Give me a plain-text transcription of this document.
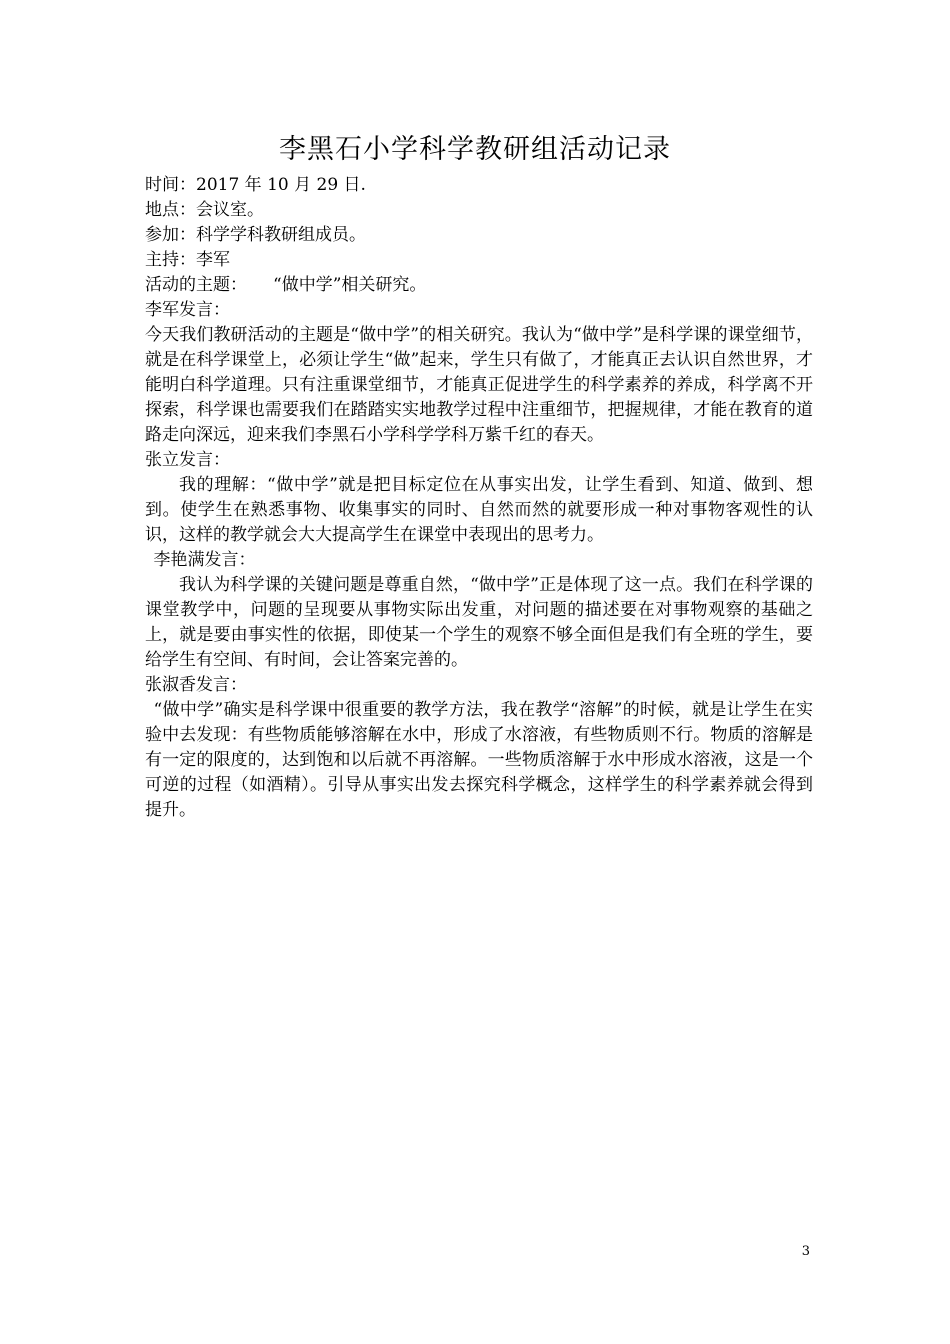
李黑石小学科学教研组活动记录

时间：2017 年 10 月 29 日.

地点：会议室。

参加：科学学科教研组成员。

主持：李军

活动的主题： “做中学”相关研究。

李军发言：

今天我们教研活动的主题是“做中学”的相关研究。我认为“做中学”是科学课的课堂细节，就是在科学课堂上，必须让学生“做”起来，学生只有做了，才能真正去认识自然世界，才能明白科学道理。只有注重课堂细节，才能真正促进学生的科学素养的养成，科学离不开探索，科学课也需要我们在踏踏实实地教学过程中注重细节，把握规律，才能在教育的道路走向深远，迎来我们李黑石小学科学学科万紫千红的春天。

张立发言：

我的理解：“做中学”就是把目标定位在从事实出发，让学生看到、知道、做到、想到。使学生在熟悉事物、收集事实的同时、自然而然的就要形成一种对事物客观性的认识，这样的教学就会大大提高学生在课堂中表现出的思考力。

李艳满发言：

我认为科学课的关键问题是尊重自然，“做中学”正是体现了这一点。我们在科学课的课堂教学中，问题的呈现要从事物实际出发重，对问题的描述要在对事物观察的基础之上，就是要由事实性的依据，即使某一个学生的观察不够全面但是我们有全班的学生，要给学生有空间、有时间，会让答案完善的。

张淑香发言：

“做中学”确实是科学课中很重要的教学方法，我在教学“溶解”的时候，就是让学生在实验中去发现：有些物质能够溶解在水中，形成了水溶液，有些物质则不行。物质的溶解是有一定的限度的，达到饱和以后就不再溶解。一些物质溶解于水中形成水溶液，这是一个可逆的过程（如酒精）。引导从事实出发去探究科学概念，这样学生的科学素养就会得到提升。

3
